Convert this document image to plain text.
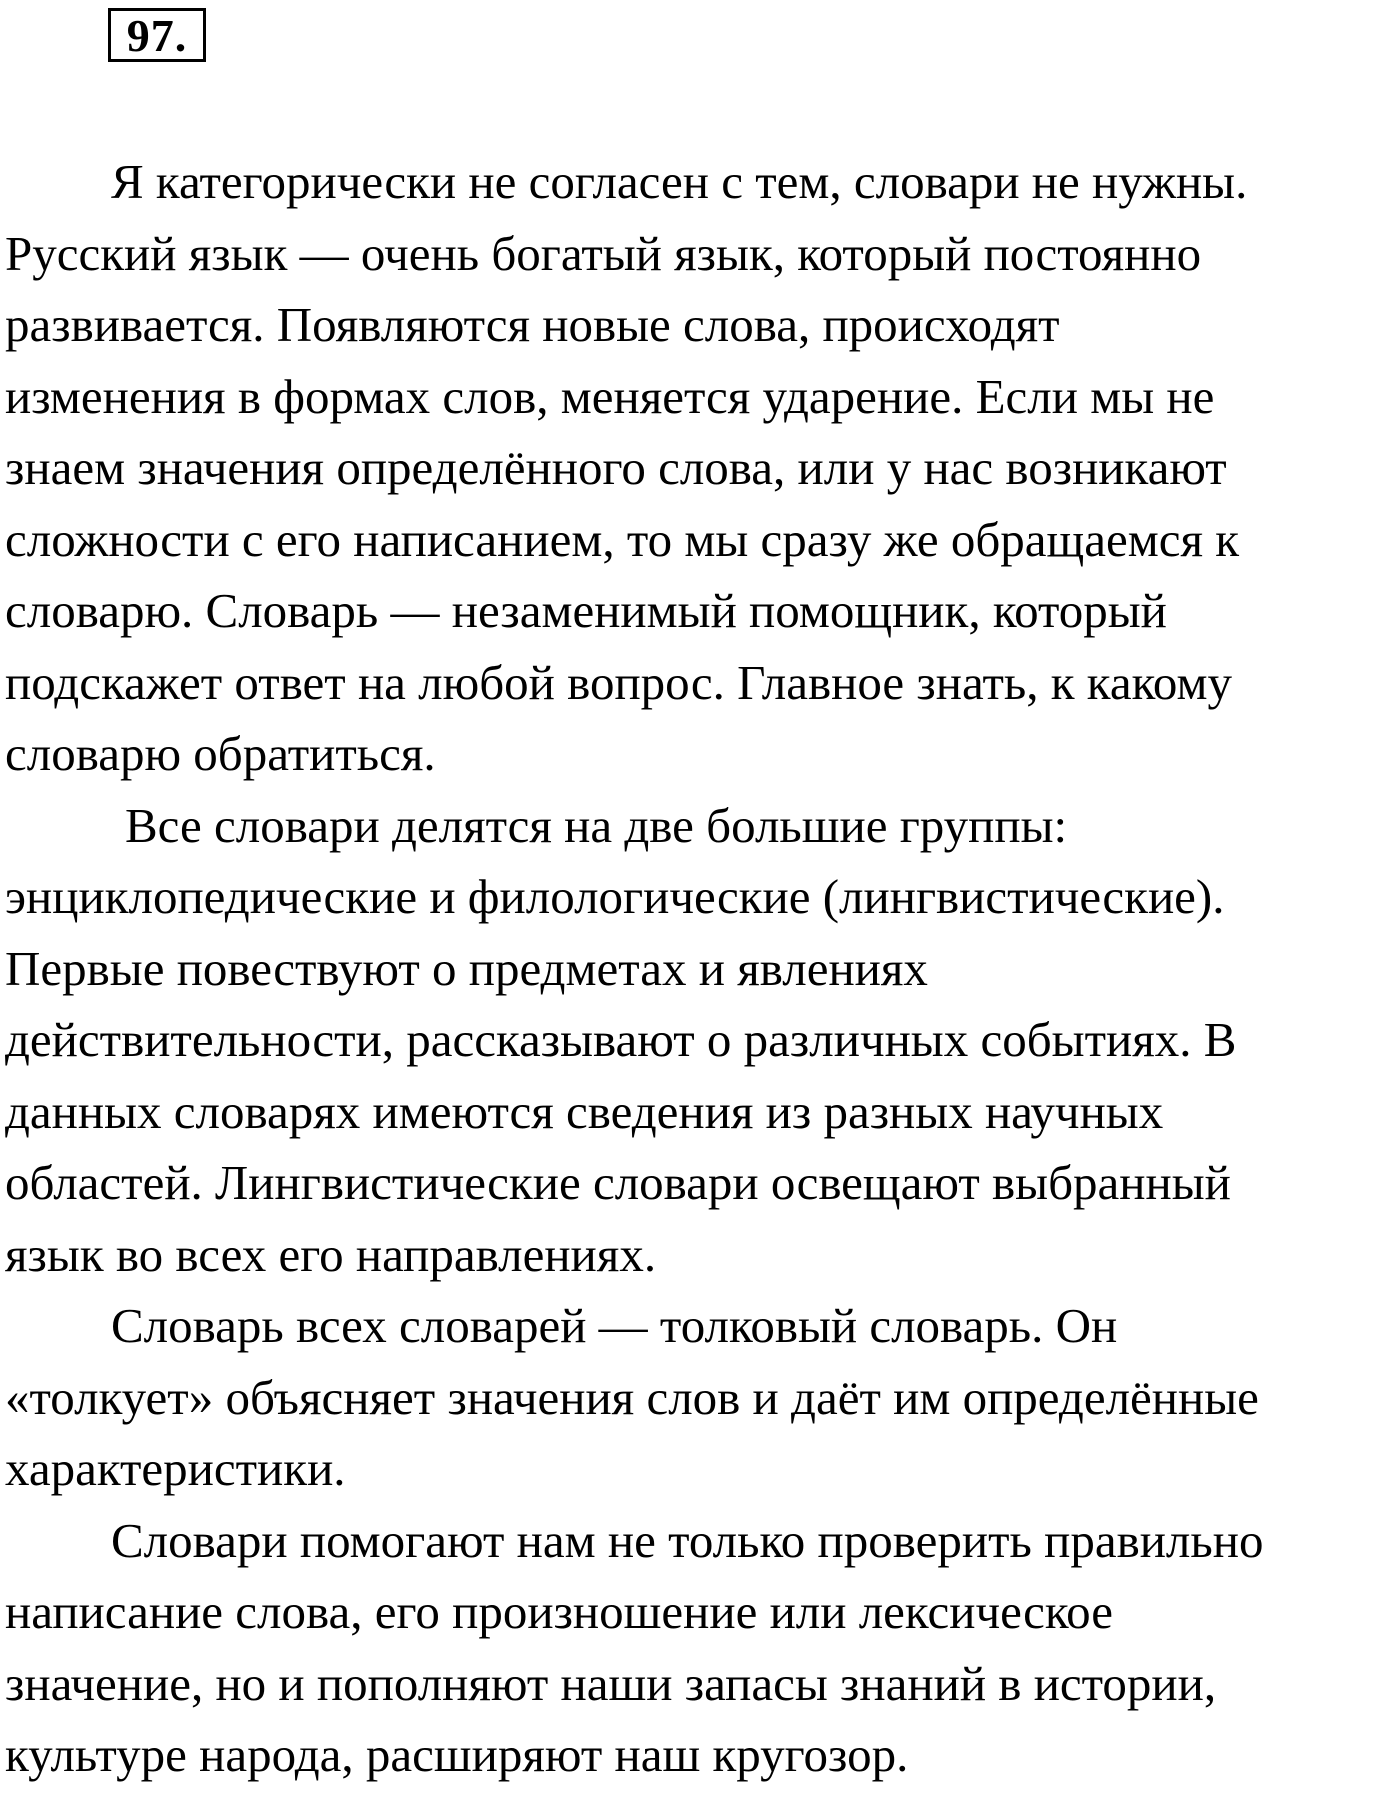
97.
Я категорически не согласен с тем, словари не нужны.
Русский язык — очень богатый язык, который постоянно
развивается. Появляются новые слова, происходят
изменения в формах слов, меняется ударение. Если мы не
знаем значения определённого слова, или у нас возникают
сложности с его написанием, то мы сразу же обращаемся к
словарю. Словарь — незаменимый помощник, который
подскажет ответ на любой вопрос. Главное знать, к какому
словарю обратиться.
Все словари делятся на две большие группы:
энциклопедические и филологические (лингвистические).
Первые повествуют о предметах и явлениях
действительности, рассказывают о различных событиях. В
данных словарях имеются сведения из разных научных
областей. Лингвистические словари освещают выбранный
язык во всех его направлениях.
Словарь всех словарей — толковый словарь. Он
«толкует» объясняет значения слов и даёт им определённые
характеристики.
Словари помогают нам не только проверить правильно
написание слова, его произношение или лексическое
значение, но и пополняют наши запасы знаний в истории,
культуре народа, расширяют наш кругозор.
